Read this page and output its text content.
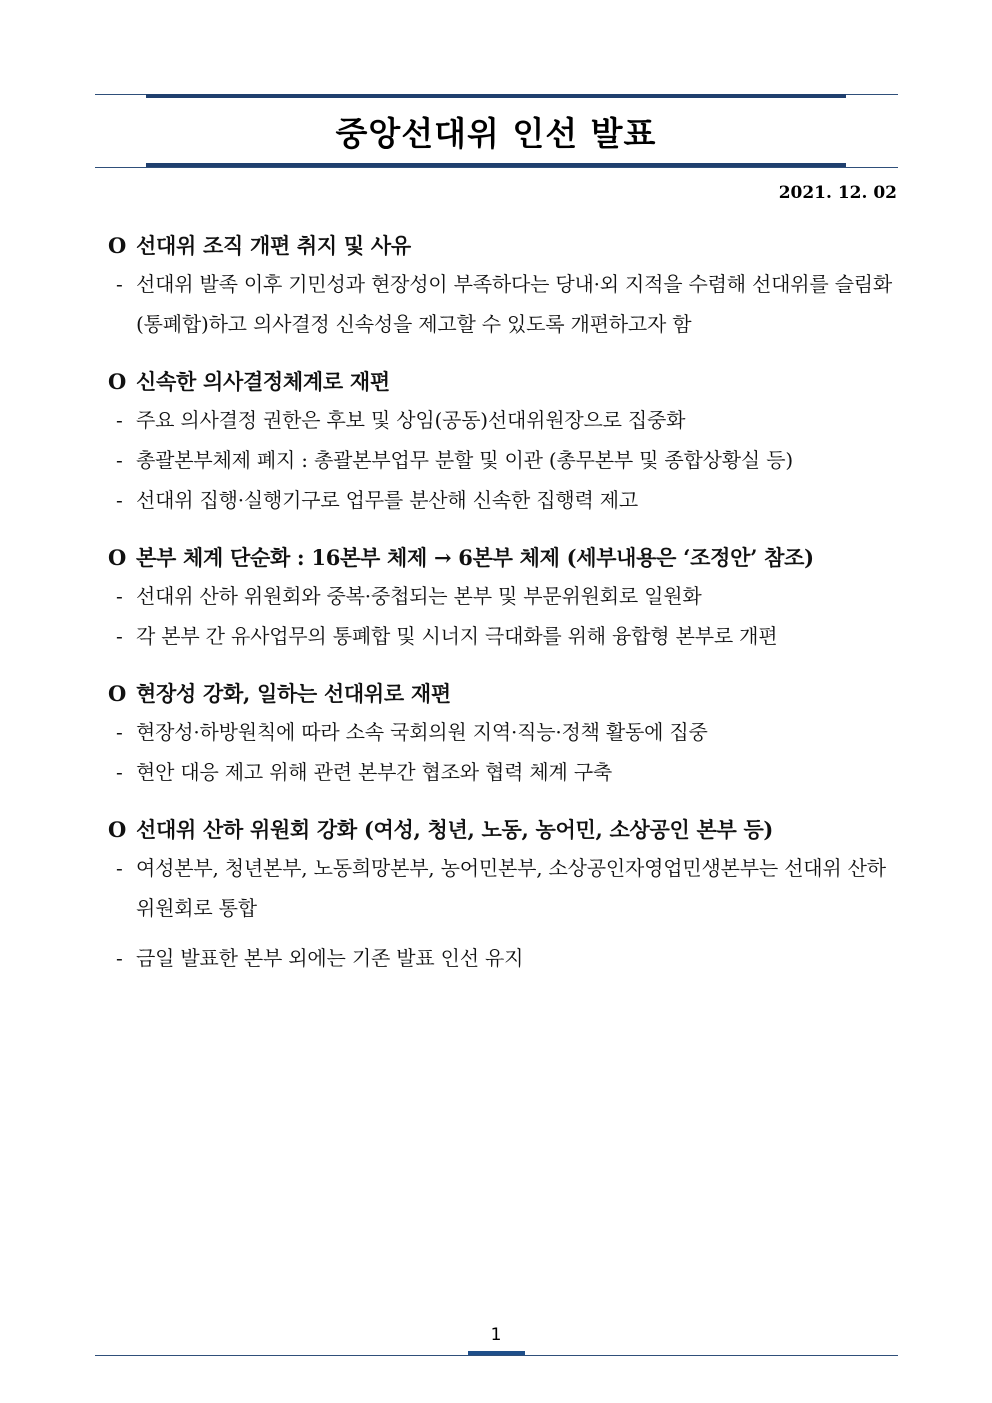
중앙선대위 인선 발표
2021. 12. 02
O 선대위 조직 개편 취지 및 사유
- 선대위 발족 이후 기민성과 현장성이 부족하다는 당내·외 지적을 수렴해 선대위를 슬림화(통폐합)하고 의사결정 신속성을 제고할 수 있도록 개편하고자 함
O 신속한 의사결정체계로 재편
- 주요 의사결정 권한은 후보 및 상임(공동)선대위원장으로 집중화
- 총괄본부체제 폐지 : 총괄본부업무 분할 및 이관 (총무본부 및 종합상황실 등)
- 선대위 집행·실행기구로 업무를 분산해 신속한 집행력 제고
O 본부 체계 단순화 : 16본부 체제 → 6본부 체제 (세부내용은 ‘조정안’ 참조)
- 선대위 산하 위원회와 중복·중첩되는 본부 및 부문위원회로 일원화
- 각 본부 간 유사업무의 통폐합 및 시너지 극대화를 위해 융합형 본부로 개편
O 현장성 강화, 일하는 선대위로 재편
- 현장성·하방원칙에 따라 소속 국회의원 지역·직능·정책 활동에 집중
- 현안 대응 제고 위해 관련 본부간 협조와 협력 체계 구축
O 선대위 산하 위원회 강화 (여성, 청년, 노동, 농어민, 소상공인 본부 등)
- 여성본부, 청년본부, 노동희망본부, 농어민본부, 소상공인자영업민생본부는 선대위 산하 위원회로 통합
- 금일 발표한 본부 외에는 기존 발표 인선 유지
1
